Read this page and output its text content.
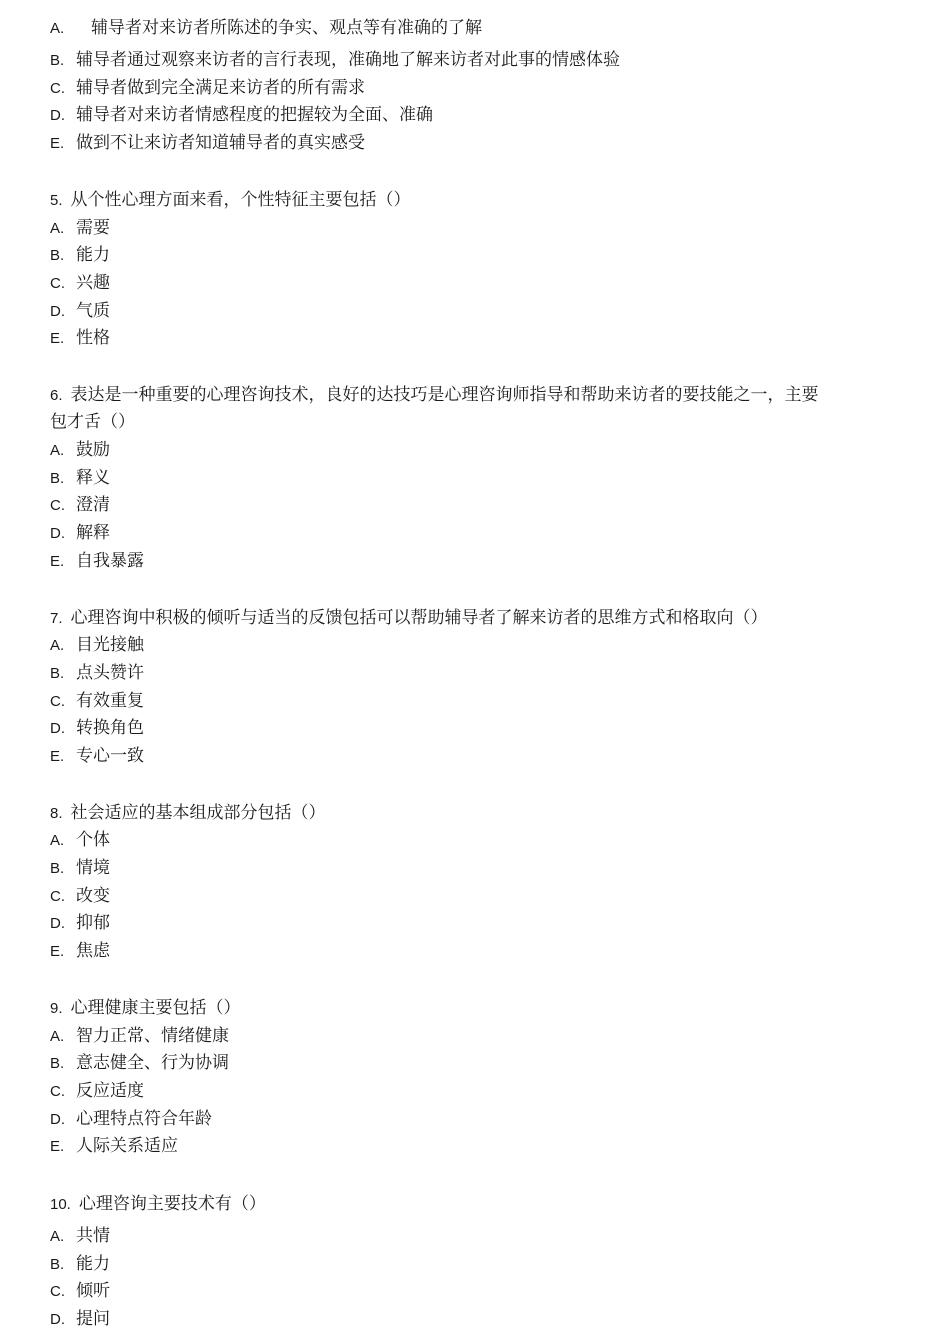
A. 辅导者对来访者所陈述的争实、观点等有准确的了解
B. 辅导者通过观察来访者的言行表现，准确地了解来访者对此事的情感体验
C. 辅导者做到完全满足来访者的所有需求
D. 辅导者对来访者情感程度的把握较为全面、准确
E. 做到不让来访者知道辅导者的真实感受
5. 从个性心理方面来看，个性特征主要包括（）
A. 需要
B. 能力
C. 兴趣
D. 气质
E. 性格
6. 表达是一种重要的心理咨询技术，良好的达技巧是心理咨询师指导和帮助来访者的要技能之一，主要
包才舌（）
A. 鼓励
B. 释义
C. 澄清
D. 解释
E. 自我暴露
7. 心理咨询中积极的倾听与适当的反馈包括可以帮助辅导者了解来访者的思维方式和格取向（）
A. 目光接触
B. 点头赞许
C. 有效重复
D. 转换角色
E. 专心一致
8. 社会适应的基本组成部分包括（）
A. 个体
B. 情境
C. 改变
D. 抑郁
E. 焦虑
9. 心理健康主要包括（）
A. 智力正常、情绪健康
B. 意志健全、行为协调
C. 反应适度
D. 心理特点符合年龄
E. 人际关系适应
10. 心理咨询主要技术有（）
A. 共情
B. 能力
C. 倾听
D. 提问
